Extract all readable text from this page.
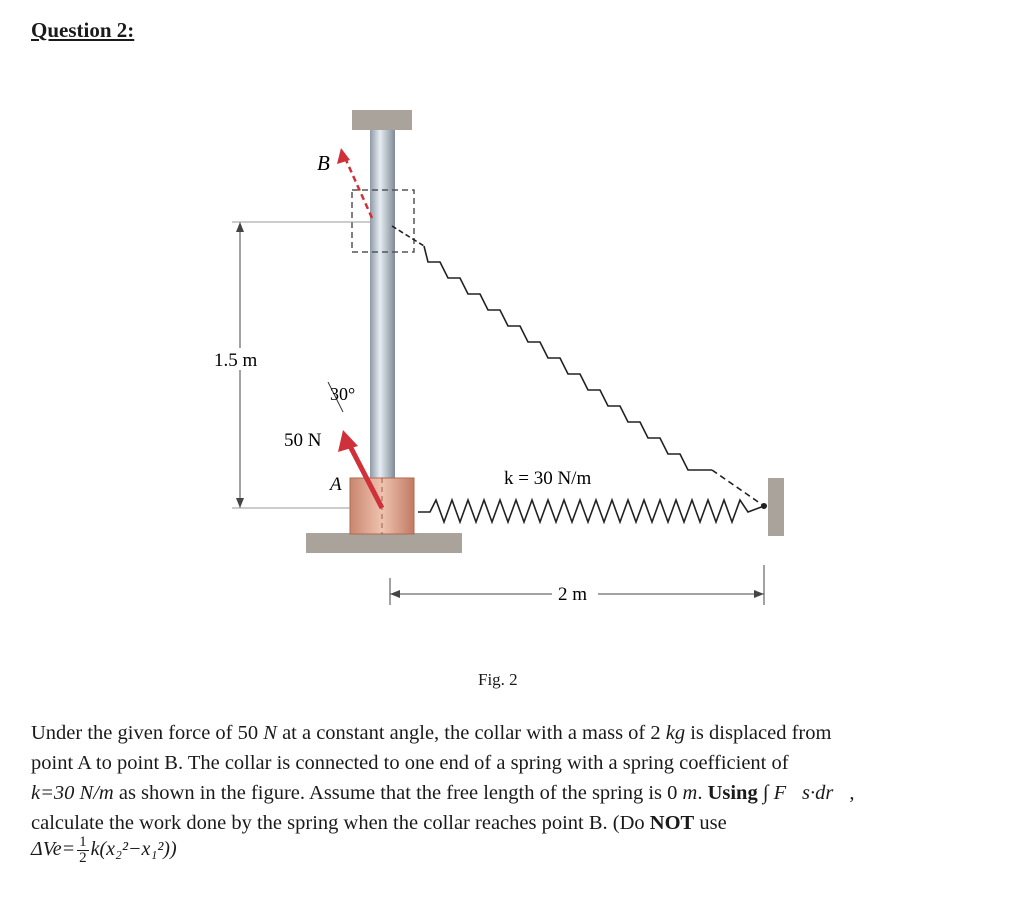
Question 2:
B
1.5 m
30°
50 N
A	k = 30 N/m
2 m
Fig. 2
Under the given force of 50 N at a constant angle, the collar with a mass of 2 kg is displaced from
point A to point B. The collar is connected to one end of a spring with a spring coefficient of
k=30 N/m as shown in the figure. Assume that the free length of the spring is 0 m. Using ∫ F⃗s·dr⃗,
calculate the work done by the spring when the collar reaches point B. (Do NOT use
$\Delta Ve= \frac{1}{2} k(x_2^2-x_1^2)$)
